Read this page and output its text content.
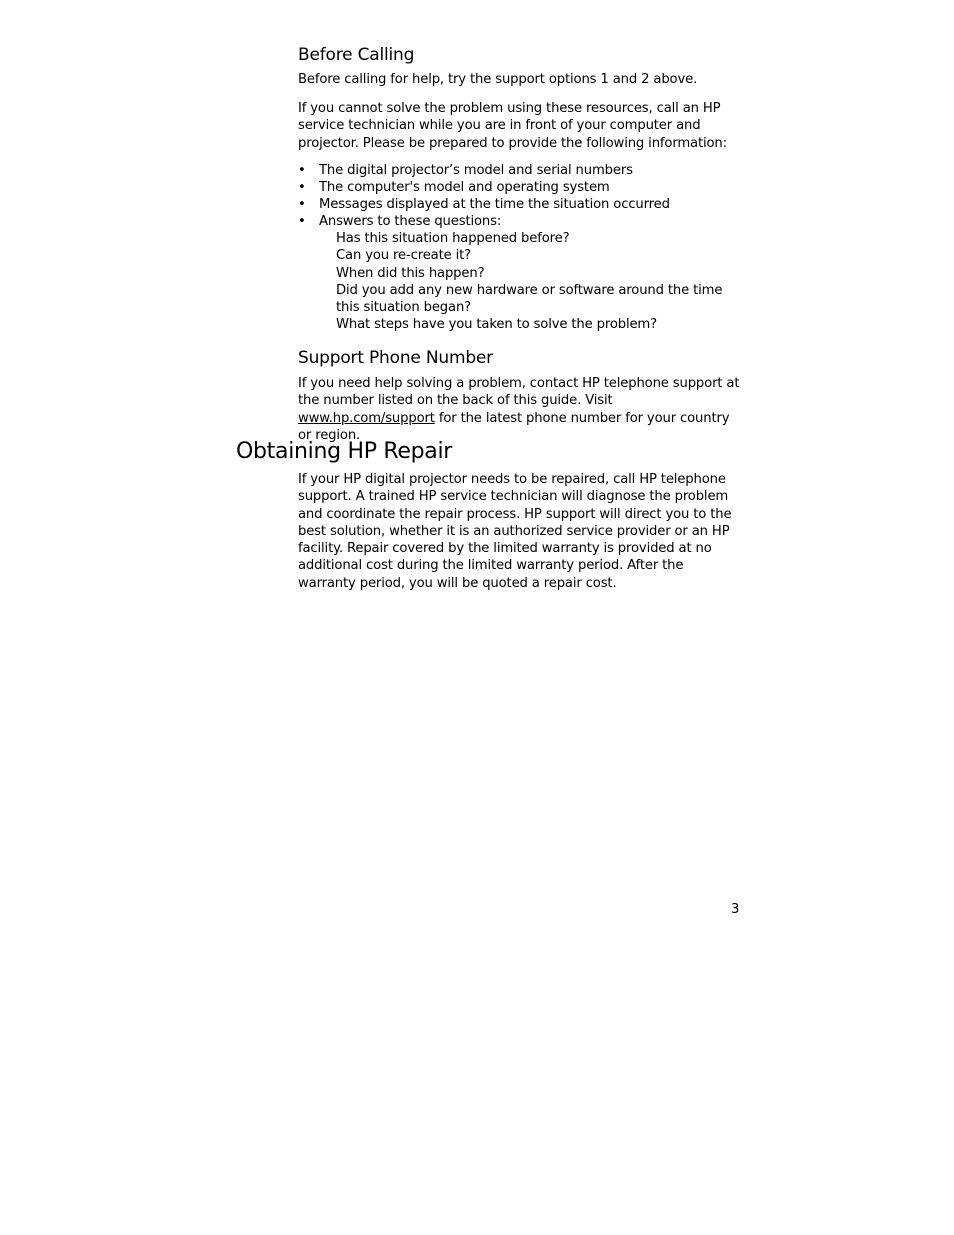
Before Calling

Before calling for help, try the support options 1 and 2 above.

If you cannot solve the problem using these resources, call an HP service technician while you are in front of your computer and projector. Please be prepared to provide the following information:

• The digital projector’s model and serial numbers
• The computer's model and operating system
• Messages displayed at the time the situation occurred
• Answers to these questions:
Has this situation happened before?
Can you re-create it?
When did this happen?
Did you add any new hardware or software around the time this situation began?
What steps have you taken to solve the problem?
Support Phone Number

If you need help solving a problem, contact HP telephone support at the number listed on the back of this guide. Visit www.hp.com/support for the latest phone number for your country or region.

Obtaining HP Repair

If your HP digital projector needs to be repaired, call HP telephone support. A trained HP service technician will diagnose the problem and coordinate the repair process. HP support will direct you to the best solution, whether it is an authorized service provider or an HP facility. Repair covered by the limited warranty is provided at no additional cost during the limited warranty period. After the warranty period, you will be quoted a repair cost.

3
